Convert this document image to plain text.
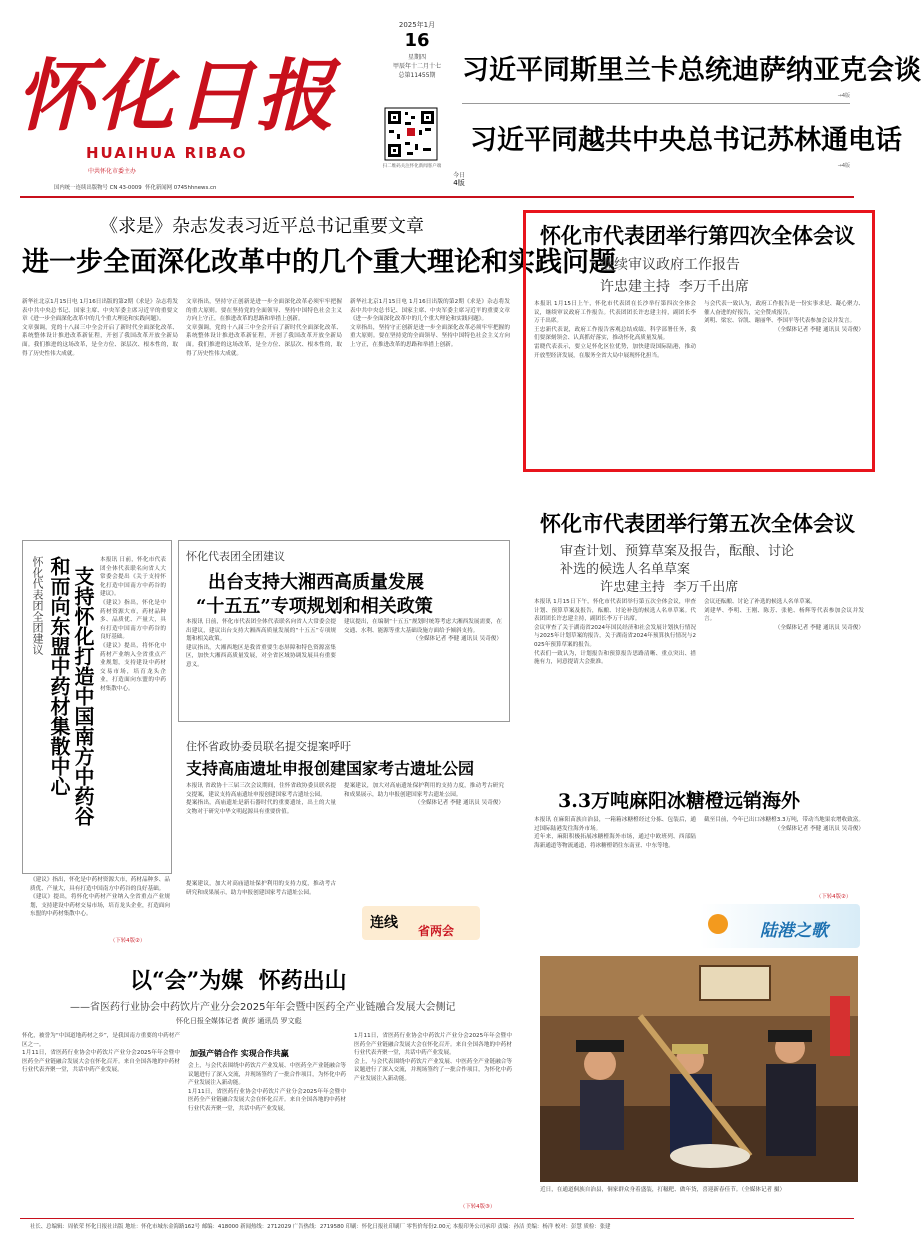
怀化日报
HUAIHUA RIBAO
中共怀化市委主办
国内统一连续出版物号 CN 43-0009 怀化新闻网 0745hhnews.cn
2025年1月
16
星期四
甲辰年十二月十七
总第11455期
扫二维码关注怀化新闻客户端
今日
4版
习近平同斯里兰卡总统迪萨纳亚克会谈
→4版
习近平同越共中央总书记苏林通电话
→4版
《求是》杂志发表习近平总书记重要文章
进一步全面深化改革中的几个重大理论和实践问题

新华社北京1月15日电 1月16日出版的第2期《求是》杂志将发表中共中央总书记、国家主席、中央军委主席习近平的重要文章《进一步全面深化改革中的几个重大理论和实践问题》。

文章强调，党的十八届三中全会开启了新时代全面深化改革、系统整体设计推进改革新征程，开创了我国改革开放全新局面。我们推进的这场改革，是全方位、深层次、根本性的，取得了历史性伟大成就。

文章指出，坚持守正创新是进一步全面深化改革必须牢牢把握的重大原则。要在坚持党的全面领导、坚持中国特色社会主义方向上守正，在推进改革的思路和举措上创新。

文章强调，党的十八届三中全会开启了新时代全面深化改革、系统整体设计推进改革新征程，开创了我国改革开放全新局面。我们推进的这场改革，是全方位、深层次、根本性的，取得了历史性伟大成就。

新华社北京1月15日电 1月16日出版的第2期《求是》杂志将发表中共中央总书记、国家主席、中央军委主席习近平的重要文章《进一步全面深化改革中的几个重大理论和实践问题》。

文章指出，坚持守正创新是进一步全面深化改革必须牢牢把握的重大原则。要在坚持党的全面领导、坚持中国特色社会主义方向上守正，在推进改革的思路和举措上创新。

怀化市代表团举行第四次全体会议
继续审议政府工作报告
许忠建主持  李万千出席

本报讯 1月15日上午，怀化市代表团在长沙举行第四次全体会议，继续审议政府工作报告。代表团团长许忠建主持，副团长李万千出席。

王忠新代表说，政府工作报告客观总结成绩、科学部署任务，我们要深刻领会、认真抓好落实，推动怀化高质量发展。

雷晓代表表示，要立足怀化区位优势，加快建设国际陆港，推动开放型经济发展，在服务全省大局中展现怀化担当。

与会代表一致认为，政府工作报告是一份实事求是、凝心聚力、催人奋进的好报告，完全赞成报告。

刘明、梁宏、谷凯、谢丽华、李国平等代表参加会议并发言。

（全媒体记者 李健 通讯员 吴奇俊）

怀化市代表团举行第五次全体会议
审查计划、预算草案及报告，酝酿、讨论
补选的候选人名单草案
许忠建主持  李万千出席

本报讯 1月15日下午，怀化市代表团举行第五次全体会议，审查计划、预算草案及报告，酝酿、讨论补选的候选人名单草案。代表团团长许忠建主持，副团长李万千出席。

会议审查了关于湖南省2024年国民经济和社会发展计划执行情况与2025年计划草案的报告，关于湖南省2024年预算执行情况与2025年预算草案的报告。

代表们一致认为，计划报告和预算报告思路清晰、重点突出、措施有力，同意提请大会批准。

会议还酝酿、讨论了补选的候选人名单草案。

刘建华、李明、王刚、陈芳、张艳、杨辉等代表参加会议并发言。

（全媒体记者 李健 通讯员 吴奇俊）

怀化代表团全团建议 和而向东盟中药材集散中心 支持怀化打造中国南方中药谷

本报讯 日前，怀化市代表团全体代表联名向省人大常委会提出《关于支持怀化打造中国南方中药谷的建议》。

《建议》指出，怀化是中药材资源大市，药材品种多、品质优、产量大，具有打造中国南方中药谷的良好基础。

《建议》提出，将怀化中药材产业纳入全省重点产业规划，支持建设中药材交易市场，培育龙头企业，打造面向东盟的中药材集散中心。

《建议》指出，怀化是中药材资源大市，药材品种多、品质优、产量大，具有打造中国南方中药谷的良好基础。

《建议》提出，将怀化中药材产业纳入全省重点产业规划，支持建设中药材交易市场，培育龙头企业，打造面向东盟的中药材集散中心。

（下转4版②）
怀化代表团全团建议
出台支持大湘西高质量发展
“十五五”专项规划和相关政策

本报讯 日前，怀化市代表团全体代表联名向省人大常委会提出建议，建议出台支持大湘西高质量发展的“十五五”专项规划和相关政策。

建议指出，大湘西地区是我省重要生态屏障和特色资源富集区，加快大湘西高质量发展，对全省区域协调发展具有重要意义。

建议提出，在编制“十五五”规划时统筹考虑大湘西发展需要，在交通、水利、能源等重大基础设施方面给予倾斜支持。

（全媒体记者 李健 通讯员 吴奇俊）

住怀省政协委员联名提交提案呼吁
支持高庙遗址申报创建国家考古遗址公园

本报讯 省政协十三届三次会议期间，住怀省政协委员联名提交提案，建议支持高庙遗址申报创建国家考古遗址公园。

提案指出，高庙遗址是新石器时代的重要遗址，出土的大量文物对于研究中华文明起源具有重要价值。

提案建议，加大对高庙遗址保护利用的支持力度，推动考古研究和成果展示，助力申报创建国家考古遗址公园。

（全媒体记者 李健 通讯员 吴奇俊）

连线 省两会

提案建议，加大对高庙遗址保护利用的支持力度，推动考古研究和成果展示，助力申报创建国家考古遗址公园。

3.3万吨麻阳冰糖橙远销海外

本报讯 在麻阳苗族自治县，一箱箱冰糖橙经过分拣、包装后，通过国际陆港发往海外市场。

近年来，麻阳积极拓展冰糖橙海外市场，通过中欧班列、西部陆海新通道等物流通道，将冰糖橙销往东南亚、中东等地。

截至目前，今年已出口冰糖橙3.3万吨，带动当地果农增收致富。

（全媒体记者 李健 通讯员 吴奇俊）

（下转4版②）
陆港之歌
以“会”为媒  怀药出山
——省医药行业协会中药饮片产业分会2025年年会暨中医药全产业链融合发展大会侧记
怀化日报全媒体记者 黄莎 通讯员 罗文彪

怀化，被誉为“中国道地药材之乡”，是我国南方重要的中药材产区之一。

1月11日，省医药行业协会中药饮片产业分会2025年年会暨中医药全产业链融合发展大会在怀化召开。来自全国各地的中药材行业代表齐聚一堂，共话中药产业发展。

加强产销合作 实现合作共赢

会上，与会代表围绕中药饮片产业发展、中医药全产业链融合等议题进行了深入交流，并现场签约了一批合作项目，为怀化中药产业发展注入新动能。

1月11日，省医药行业协会中药饮片产业分会2025年年会暨中医药全产业链融合发展大会在怀化召开。来自全国各地的中药材行业代表齐聚一堂，共话中药产业发展。

1月11日，省医药行业协会中药饮片产业分会2025年年会暨中医药全产业链融合发展大会在怀化召开。来自全国各地的中药材行业代表齐聚一堂，共话中药产业发展。

会上，与会代表围绕中药饮片产业发展、中医药全产业链融合等议题进行了深入交流，并现场签约了一批合作项目，为怀化中药产业发展注入新动能。

（下转4版③）
近日，在通道侗族自治县，侗家群众身着盛装，打糍粑、做年货，喜迎新春佳节。（全媒体记者 摄）
社长、总编辑：周依荣 怀化日报社出版 地址：怀化市城东金海路162号 邮编：418000 新闻热线：2712029 广告热线：2719580 印刷：怀化日报社印刷厂 零售价每份2.00元 本报印务公司承印 责编：孙洁 美编：杨洋 校对：彭慧 质检：张建
